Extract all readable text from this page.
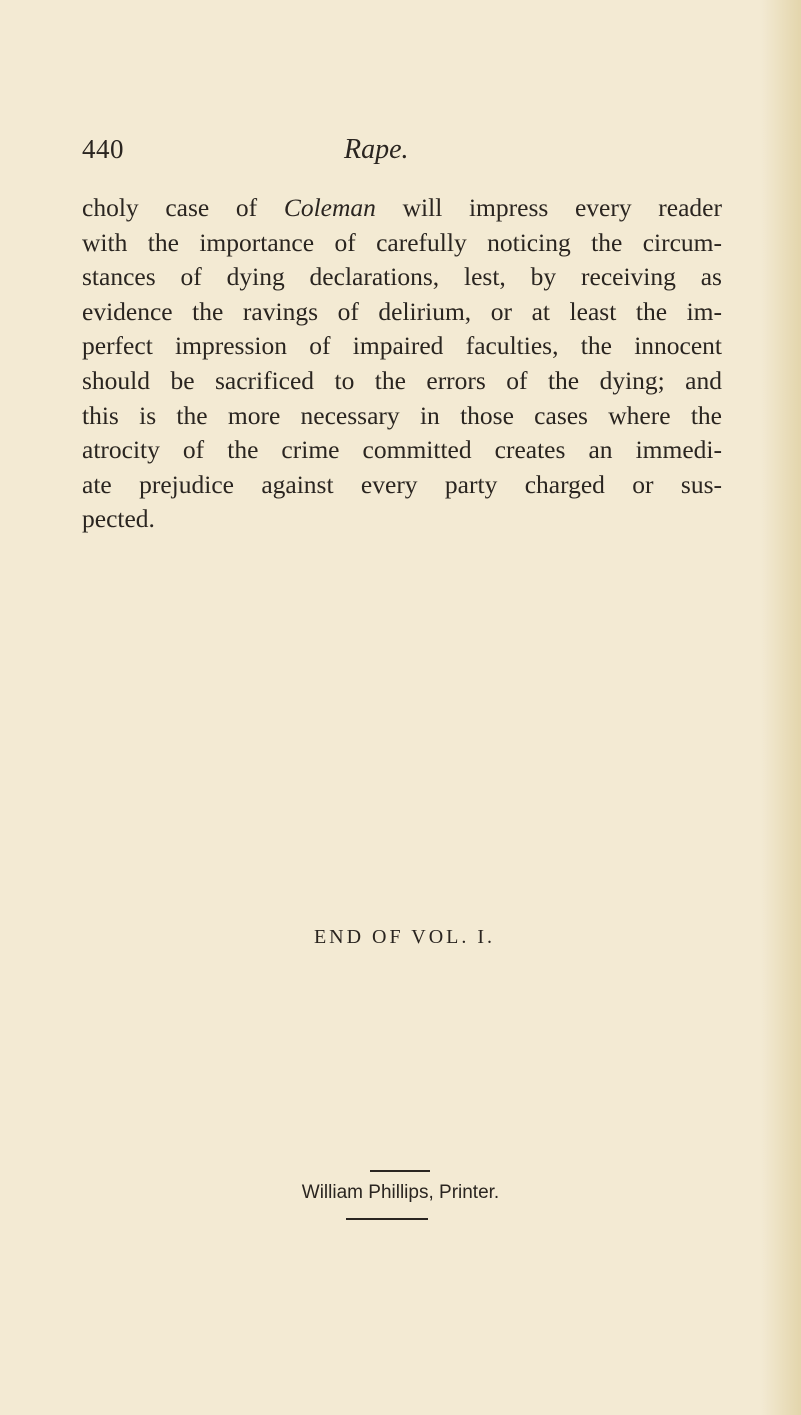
440	Rape.
choly case of Coleman will impress every reader
with the importance of carefully noticing the circum-
stances of dying declarations, lest, by receiving as
evidence the ravings of delirium, or at least the im-
perfect impression of impaired faculties, the innocent
should be sacrificed to the errors of the dying; and
this is the more necessary in those cases where the
atrocity of the crime committed creates an immedi-
ate prejudice against every party charged or sus-
pected.
END OF VOL. I.
William Phillips, Printer.
